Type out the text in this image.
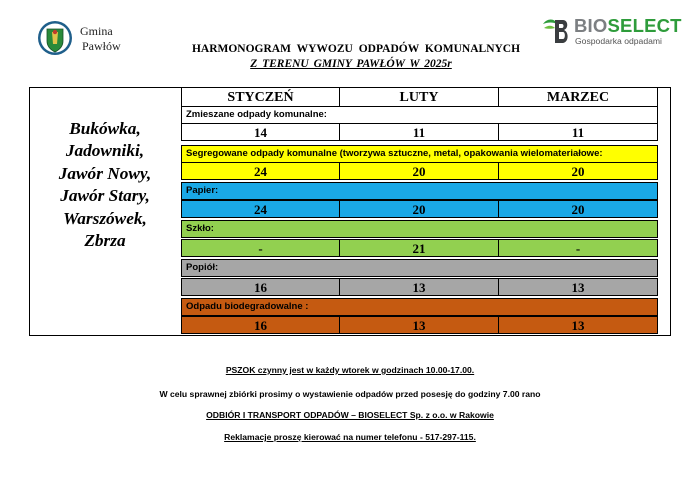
Gmina
Pawłów
BIOSELECT
Gospodarka odpadami
HARMONOGRAM WYWOZU ODPADÓW KOMUNALNYCH
Z TERENU GMINY PAWŁÓW W 2025r
Bukówka,
Jadowniki,
Jawór Nowy,
Jawór Stary,
Warszówek,
Zbrza
STYCZEŃ	LUTY	MARZEC
Zmieszane odpady komunalne:
14	11	11
Segregowane odpady komunalne (tworzywa sztuczne, metal, opakowania wielomateriałowe:
24	20	20
Papier:
24	20	20
Szkło:
-	21	-
Popiół:
16	13	13
Odpadu biodegradowalne :
16	13	13
PSZOK czynny jest w każdy wtorek w godzinach 10.00-17.00.
W celu sprawnej zbiórki prosimy o wystawienie odpadów przed posesję do godziny 7.00 rano
ODBIÓR I TRANSPORT ODPADÓW – BIOSELECT Sp. z o.o. w Rakowie
Reklamacje proszę kierować na numer telefonu - 517-297-115.
